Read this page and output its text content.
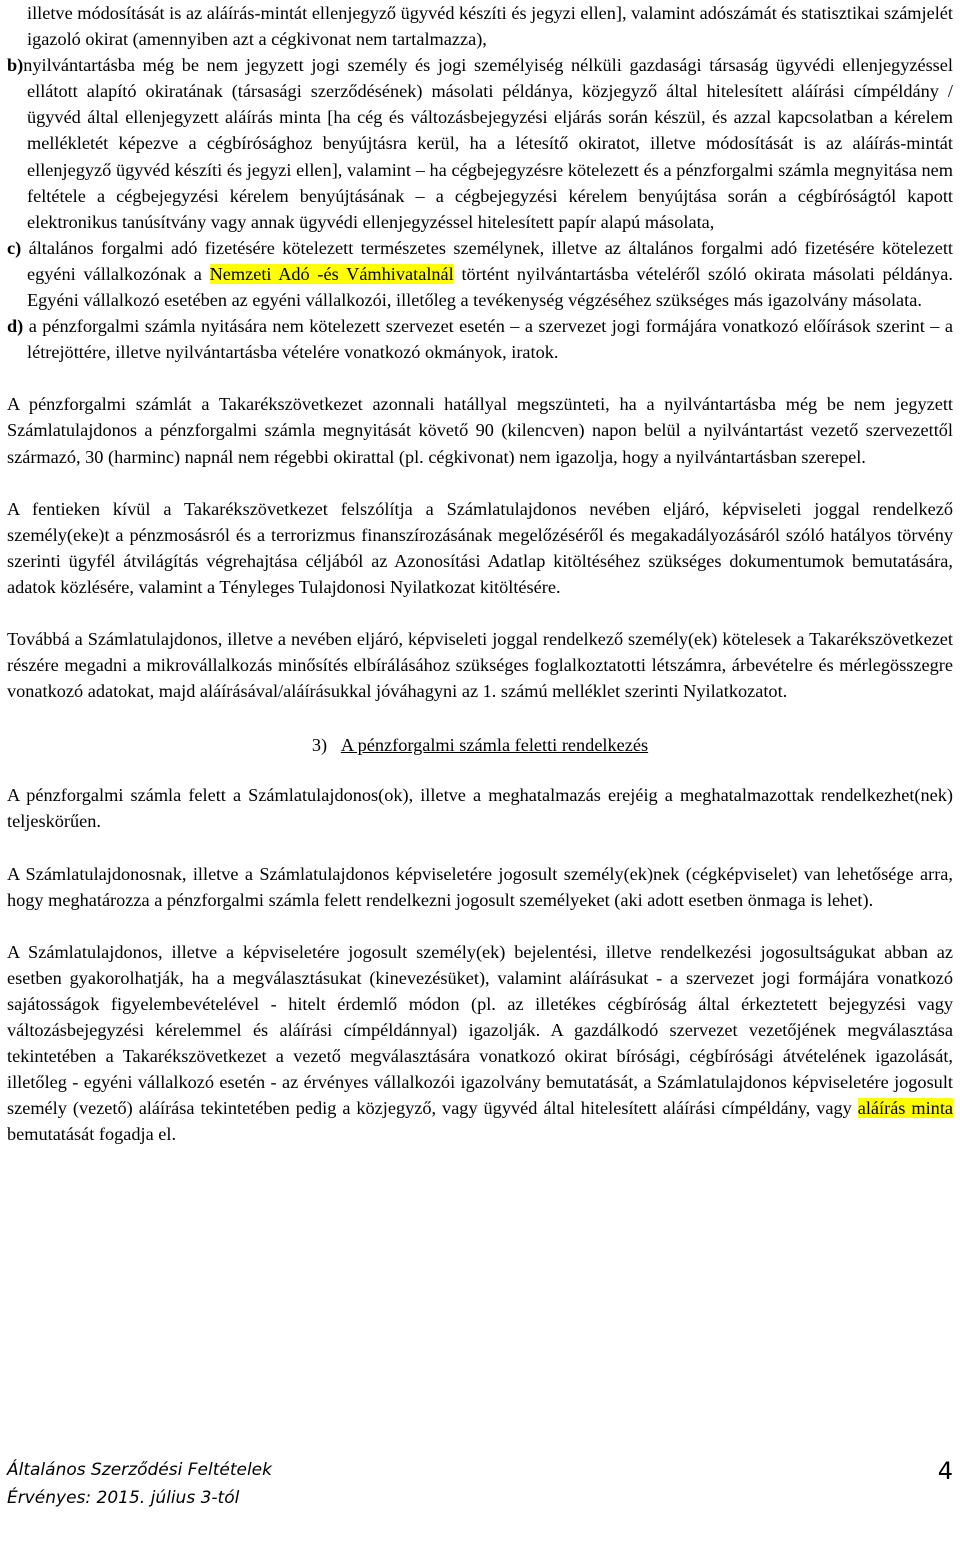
illetve módosítását is az aláírás-mintát ellenjegyző ügyvéd készíti és jegyzi ellen], valamint adószámát és statisztikai számjelét igazoló okirat (amennyiben azt a cégkivonat nem tartalmazza),

b)nyilvántartásba még be nem jegyzett jogi személy és jogi személyiség nélküli gazdasági társaság ügyvédi ellenjegyzéssel ellátott alapító okiratának (társasági szerződésének) másolati példánya, közjegyző által hitelesített aláírási címpéldány / ügyvéd által ellenjegyzett aláírás minta [ha cég és változásbejegyzési eljárás során készül, és azzal kapcsolatban a kérelem mellékletét képezve a cégbírósághoz benyújtásra kerül, ha a létesítő okiratot, illetve módosítását is az aláírás-mintát ellenjegyző ügyvéd készíti és jegyzi ellen], valamint – ha cégbejegyzésre kötelezett és a pénzforgalmi számla megnyitása nem feltétele a cégbejegyzési kérelem benyújtásának – a cégbejegyzési kérelem benyújtása során a cégbíróságtól kapott elektronikus tanúsítvány vagy annak ügyvédi ellenjegyzéssel hitelesített papír alapú másolata,

c) általános forgalmi adó fizetésére kötelezett természetes személynek, illetve az általános forgalmi adó fizetésére kötelezett egyéni vállalkozónak a Nemzeti Adó -és Vámhivatalnál történt nyilvántartásba vételéről szóló okirata másolati példánya. Egyéni vállalkozó esetében az egyéni vállalkozói, illetőleg a tevékenység végzéséhez szükséges más igazolvány másolata.

d) a pénzforgalmi számla nyitására nem kötelezett szervezet esetén – a szervezet jogi formájára vonatkozó előírások szerint – a létrejöttére, illetve nyilvántartásba vételére vonatkozó okmányok, iratok.

A pénzforgalmi számlát a Takarékszövetkezet azonnali hatállyal megszünteti, ha a nyilvántartásba még be nem jegyzett Számlatulajdonos a pénzforgalmi számla megnyitását követő 90 (kilencven) napon belül a nyilvántartást vezető szervezettől származó, 30 (harminc) napnál nem régebbi okirattal (pl. cégkivonat) nem igazolja, hogy a nyilvántartásban szerepel.

A fentieken kívül a Takarékszövetkezet felszólítja a Számlatulajdonos nevében eljáró, képviseleti joggal rendelkező személy(eke)t a pénzmosásról és a terrorizmus finanszírozásának megelőzéséről és megakadályozásáról szóló hatályos törvény szerinti ügyfél átvilágítás végrehajtása céljából az Azonosítási Adatlap kitöltéséhez szükséges dokumentumok bemutatására, adatok közlésére, valamint a Tényleges Tulajdonosi Nyilatkozat kitöltésére.

Továbbá a Számlatulajdonos, illetve a nevében eljáró, képviseleti joggal rendelkező személy(ek) kötelesek a Takarékszövetkezet részére megadni a mikrovállalkozás minősítés elbírálásához szükséges foglalkoztatotti létszámra, árbevételre és mérlegösszegre vonatkozó adatokat, majd aláírásával/aláírásukkal jóváhagyni az 1. számú melléklet szerinti Nyilatkozatot.

3) A pénzforgalmi számla feletti rendelkezés

A pénzforgalmi számla felett a Számlatulajdonos(ok), illetve a meghatalmazás erejéig a meghatalmazottak rendelkezhet(nek) teljeskörűen.

A Számlatulajdonosnak, illetve a Számlatulajdonos képviseletére jogosult személy(ek)nek (cégképviselet) van lehetősége arra, hogy meghatározza a pénzforgalmi számla felett rendelkezni jogosult személyeket (aki adott esetben önmaga is lehet).

A Számlatulajdonos, illetve a képviseletére jogosult személy(ek) bejelentési, illetve rendelkezési jogosultságukat abban az esetben gyakorolhatják, ha a megválasztásukat (kinevezésüket), valamint aláírásukat - a szervezet jogi formájára vonatkozó sajátosságok figyelembevételével - hitelt érdemlő módon (pl. az illetékes cégbíróság által érkeztetett bejegyzési vagy változásbejegyzési kérelemmel és aláírási címpéldánnyal) igazolják. A gazdálkodó szervezet vezetőjének megválasztása tekintetében a Takarékszövetkezet a vezető megválasztására vonatkozó okirat bírósági, cégbírósági átvételének igazolását, illetőleg - egyéni vállalkozó esetén - az érvényes vállalkozói igazolvány bemutatását, a Számlatulajdonos képviseletére jogosult személy (vezető) aláírása tekintetében pedig a közjegyző, vagy ügyvéd által hitelesített aláírási címpéldány, vagy aláírás minta bemutatását fogadja el.

Általános Szerződési Feltételek
Érvényes: 2015. július 3-tól
4
